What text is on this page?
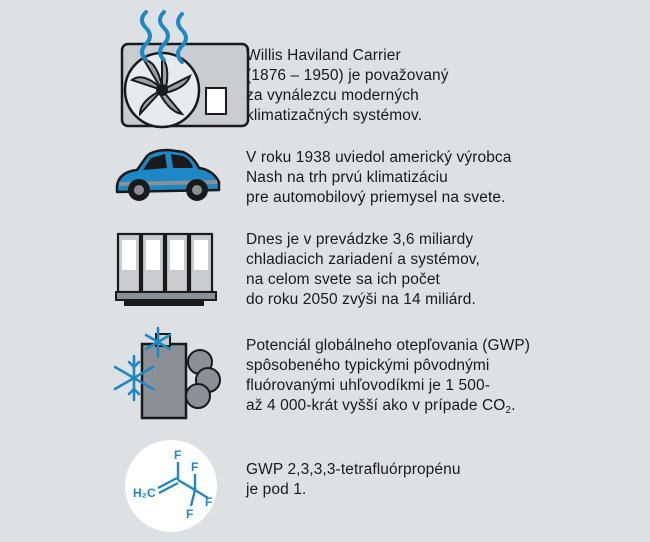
Willis Haviland Carrier
(1876 – 1950) je považovaný
za vynálezcu moderných
klimatizačných systémov.

V roku 1938 uviedol americký výrobca
Nash na trh prvú klimatizáciu
pre automobilový priemysel na svete.

Dnes je v prevádzke 3,6 miliardy
chladiacich zariadení a systémov,
na celom svete sa ich počet
do roku 2050 zvýši na 14 miliárd.

Potenciál globálneho otepľovania (GWP)
spôsobeného typickými pôvodnými
fluórovanými uhľovodíkmi je 1 500-
až 4 000-krát vyšší ako v prípade $CO_2$.

H₂C
F
F
F
F

GWP 2,3,3,3-tetrafluórpropénu
je pod 1.
